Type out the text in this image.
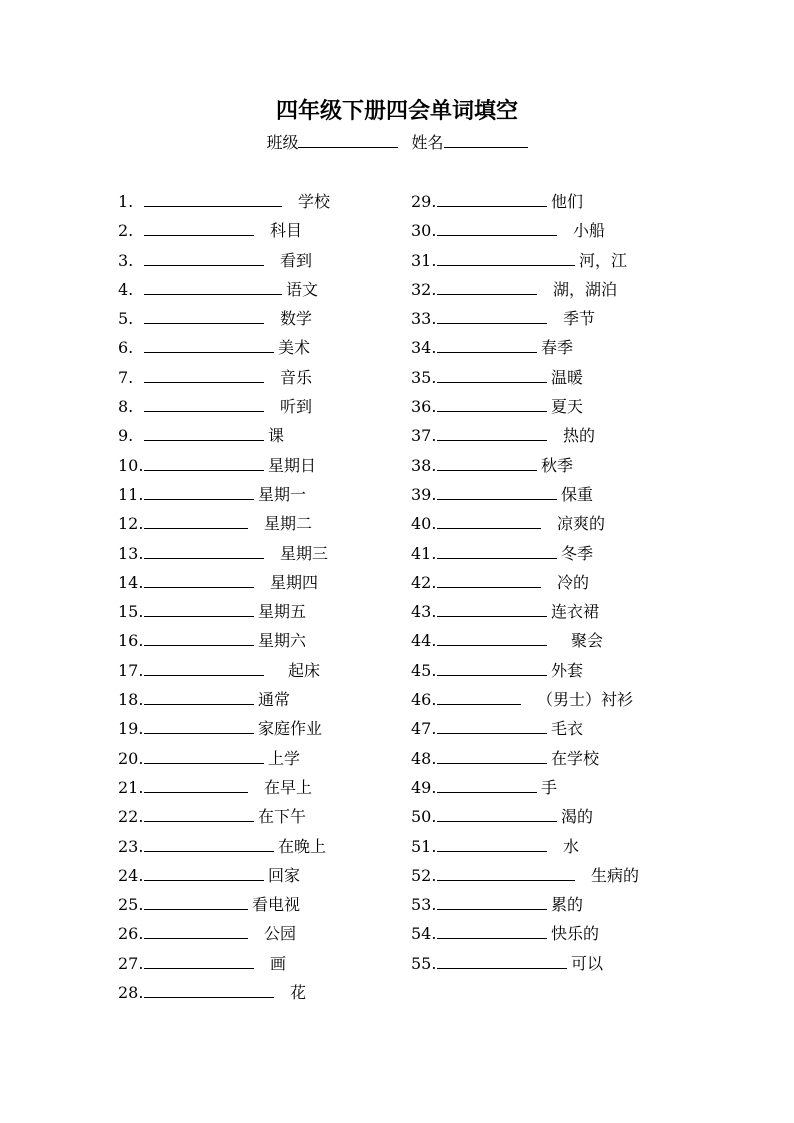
四年级下册四会单词填空
班级	姓名
1.	学校
2.	科目
3.	看到
4.	语文
5.	数学
6.	美术
7.	音乐
8.	听到
9.	课
10.	星期日
11.	星期一
12.	星期二
13.	星期三
14.	星期四
15.	星期五
16.	星期六
17.	起床
18.	通常
19.	家庭作业
20.	上学
21.	在早上
22.	在下午
23.	在晚上
24.	回家
25.	看电视
26.	公园
27.	画
28.	花
29.	他们
30.	小船
31.	河，江
32.	湖，湖泊
33.	季节
34.	春季
35.	温暖
36.	夏天
37.	热的
38.	秋季
39.	保重
40.	凉爽的
41.	冬季
42.	冷的
43.	连衣裙
44.	聚会
45.	外套
46.	（男士）衬衫
47.	毛衣
48.	在学校
49.	手
50.	渴的
51.	水
52.	生病的
53.	累的
54.	快乐的
55.	可以
